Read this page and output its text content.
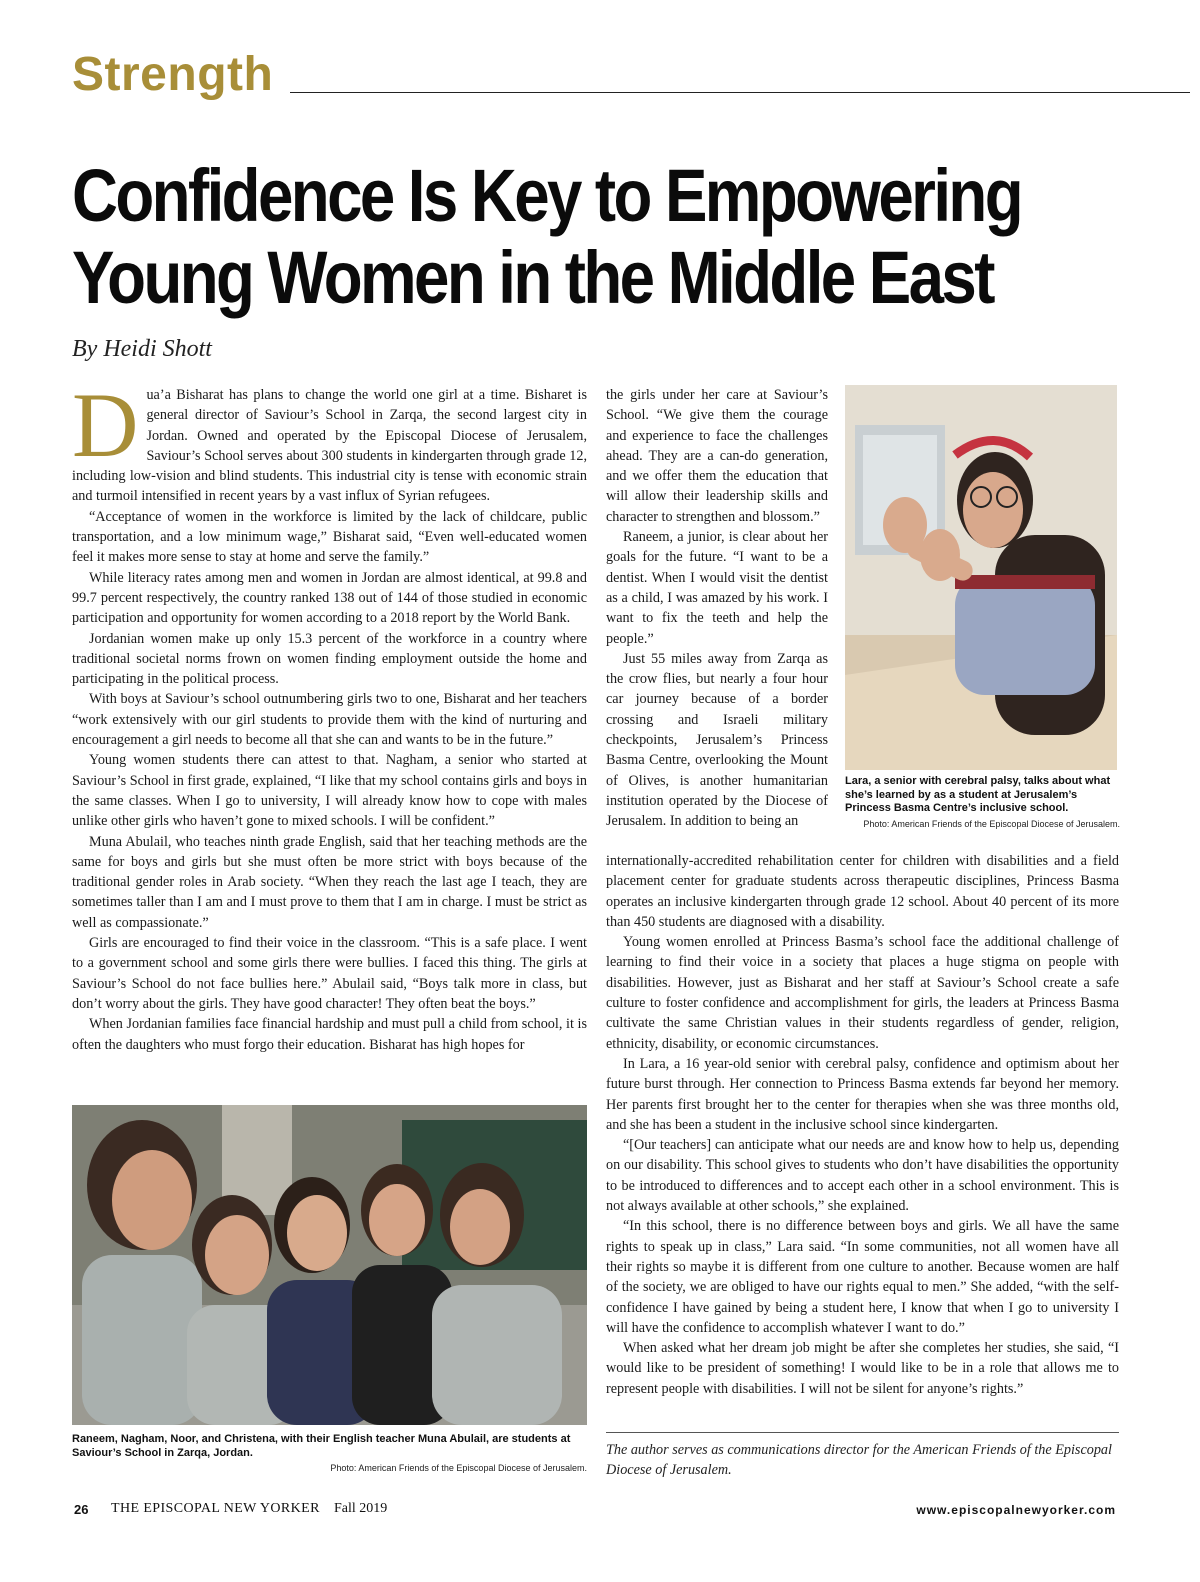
Strength
Confidence Is Key to Empowering
Young Women in the Middle East
By Heidi Shott

Dua’a Bisharat has plans to change the world one girl at a time. Bisharet is general director of Saviour’s School in Zarqa, the second largest city in Jordan. Owned and operated by the Episcopal Diocese of Jerusalem, Saviour’s School serves about 300 students in kindergarten through grade 12, including low-vision and blind students. This industrial city is tense with economic strain and turmoil intensified in recent years by a vast influx of Syrian refugees.

“Acceptance of women in the workforce is limited by the lack of childcare, public transportation, and a low minimum wage,” Bisharat said, “Even well-educated women feel it makes more sense to stay at home and serve the family.”

While literacy rates among men and women in Jordan are almost identical, at 99.8 and 99.7 percent respectively, the country ranked 138 out of 144 of those studied in economic participation and opportunity for women according to a 2018 report by the World Bank.

Jordanian women make up only 15.3 percent of the workforce in a country where traditional societal norms frown on women finding employment outside the home and participating in the political process.

With boys at Saviour’s school outnumbering girls two to one, Bisharat and her teachers “work extensively with our girl students to provide them with the kind of nurturing and encouragement a girl needs to become all that she can and wants to be in the future.”

Young women students there can attest to that. Nagham, a senior who started at Saviour’s School in first grade, explained, “I like that my school contains girls and boys in the same classes. When I go to university, I will already know how to cope with males unlike other girls who haven’t gone to mixed schools. I will be confident.”

Muna Abulail, who teaches ninth grade English, said that her teaching methods are the same for boys and girls but she must often be more strict with boys because of the traditional gender roles in Arab society. “When they reach the last age I teach, they are sometimes taller than I am and I must prove to them that I am in charge. I must be strict as well as compassionate.”

Girls are encouraged to find their voice in the classroom. “This is a safe place. I went to a government school and some girls there were bullies. I faced this thing. The girls at Saviour’s School do not face bullies here.” Abulail said, “Boys talk more in class, but don’t worry about the girls. They have good character! They often beat the boys.”

When Jordanian families face financial hardship and must pull a child from school, it is often the daughters who must forgo their education. Bisharat has high hopes for

the girls under her care at Saviour’s School. “We give them the courage and experience to face the challenges ahead. They are a can-do generation, and we offer them the education that will allow their leadership skills and character to strengthen and blossom.”

Raneem, a junior, is clear about her goals for the future. “I want to be a dentist. When I would visit the dentist as a child, I was amazed by his work. I want to fix the teeth and help the people.”

Just 55 miles away from Zarqa as the crow flies, but nearly a four hour car journey because of a border crossing and Israeli military checkpoints, Jerusalem’s Princess Basma Centre, overlooking the Mount of Olives, is another humanitarian institution operated by the Diocese of Jerusalem. In addition to being an

Lara, a senior with cerebral palsy, talks about what she’s learned by as a student at Jerusalem’s Princess Basma Centre’s inclusive school.
Photo: American Friends of the Episcopal Diocese of Jerusalem.

internationally-accredited rehabilitation center for children with disabilities and a field placement center for graduate students across therapeutic disciplines, Princess Basma operates an inclusive kindergarten through grade 12 school. About 40 percent of its more than 450 students are diagnosed with a disability.

Young women enrolled at Princess Basma’s school face the additional challenge of learning to find their voice in a society that places a huge stigma on people with disabilities. However, just as Bisharat and her staff at Saviour’s School create a safe culture to foster confidence and accomplishment for girls, the leaders at Princess Basma cultivate the same Christian values in their students regardless of gender, religion, ethnicity, disability, or economic circumstances.

In Lara, a 16 year-old senior with cerebral palsy, confidence and optimism about her future burst through. Her connection to Princess Basma extends far beyond her memory. Her parents first brought her to the center for therapies when she was three months old, and she has been a student in the inclusive school since kindergarten.

“[Our teachers] can anticipate what our needs are and know how to help us, depending on our disability. This school gives to students who don’t have disabilities the opportunity to be introduced to differences and to accept each other in a school environment. This is not always available at other schools,” she explained.

“In this school, there is no difference between boys and girls. We all have the same rights to speak up in class,” Lara said. “In some communities, not all women have all their rights so maybe it is different from one culture to another. Because women are half of the society, we are obliged to have our rights equal to men.” She added, “with the self-confidence I have gained by being a student here, I know that when I go to university I will have the confidence to accomplish whatever I want to do.”

When asked what her dream job might be after she completes her studies, she said, “I would like to be president of something! I would like to be in a role that allows me to represent people with disabilities. I will not be silent for anyone’s rights.”

Raneem, Nagham, Noor, and Christena, with their English teacher Muna Abulail, are students at Saviour’s School in Zarqa, Jordan.
Photo: American Friends of the Episcopal Diocese of Jerusalem.
The author serves as communications director for the American Friends of the Episcopal Diocese of Jerusalem.
26 THE EPISCOPAL NEW YORKER Fall 2019	www.episcopalnewyorker.com
